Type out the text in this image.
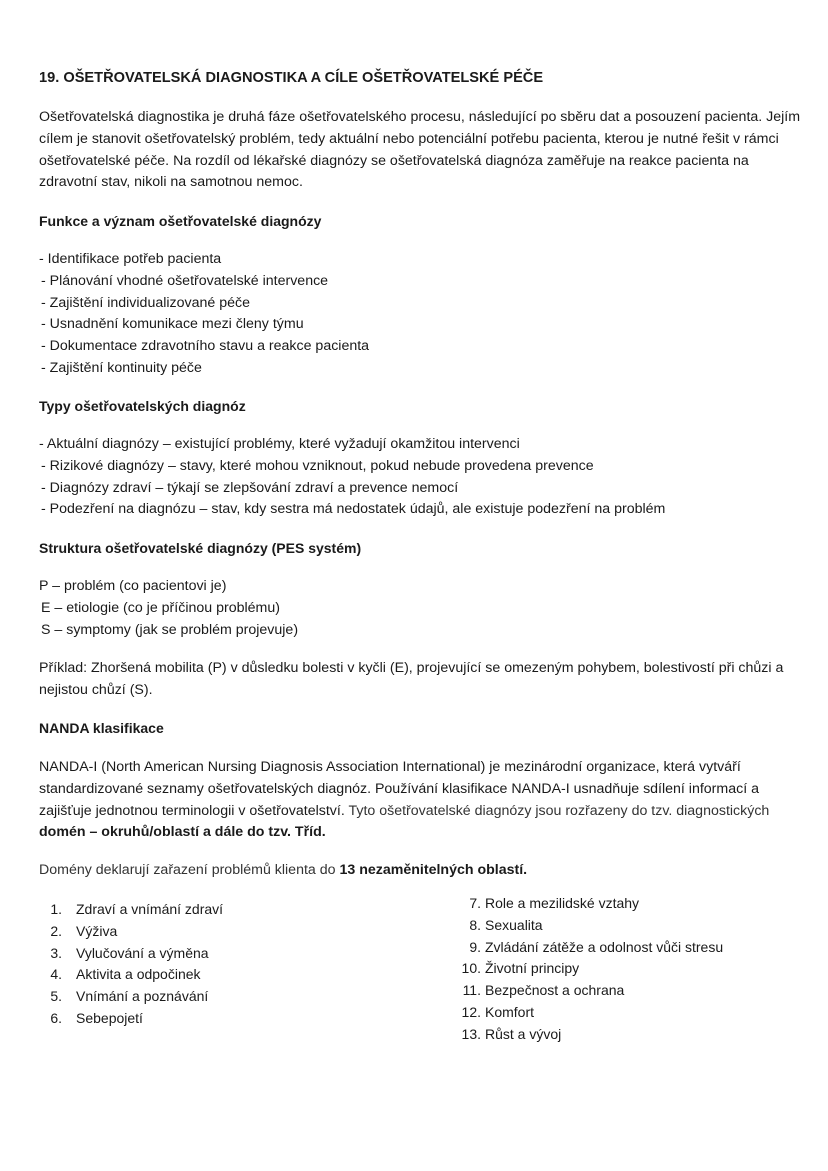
19. OŠETŘOVATELSKÁ DIAGNOSTIKA A CÍLE OŠETŘOVATELSKÉ PÉČE
Ošetřovatelská diagnostika je druhá fáze ošetřovatelského procesu, následující po sběru dat a posouzení pacienta. Jejím
cílem je stanovit ošetřovatelský problém, tedy aktuální nebo potenciální potřebu pacienta, kterou je nutné řešit v rámci
ošetřovatelské péče. Na rozdíl od lékařské diagnózy se ošetřovatelská diagnóza zaměřuje na reakce pacienta na
zdravotní stav, nikoli na samotnou nemoc.
Funkce a význam ošetřovatelské diagnózy
- Identifikace potřeb pacienta
- Plánování vhodné ošetřovatelské intervence
- Zajištění individualizované péče
- Usnadnění komunikace mezi členy týmu
- Dokumentace zdravotního stavu a reakce pacienta
- Zajištění kontinuity péče
Typy ošetřovatelských diagnóz
- Aktuální diagnózy – existující problémy, které vyžadují okamžitou intervenci
- Rizikové diagnózy – stavy, které mohou vzniknout, pokud nebude provedena prevence
- Diagnózy zdraví – týkají se zlepšování zdraví a prevence nemocí
- Podezření na diagnózu – stav, kdy sestra má nedostatek údajů, ale existuje podezření na problém
Struktura ošetřovatelské diagnózy (PES systém)
P – problém (co pacientovi je)
E – etiologie (co je příčinou problému)
S – symptomy (jak se problém projevuje)
Příklad: Zhoršená mobilita (P) v důsledku bolesti v kyčli (E), projevující se omezeným pohybem, bolestivostí při chůzi a
nejistou chůzí (S).
NANDA klasifikace
NANDA-I (North American Nursing Diagnosis Association International) je mezinárodní organizace, která vytváří
standardizované seznamy ošetřovatelských diagnóz. Používání klasifikace NANDA-I usnadňuje sdílení informací a
zajišťuje jednotnou terminologii v ošetřovatelství. Tyto ošetřovatelské diagnózy jsou rozřazeny do tzv. diagnostických
domén – okruhů/oblastí a dále do tzv. Tříd.
Domény deklarují zařazení problémů klienta do 13 nezaměnitelných oblastí.
1. Zdraví a vnímání zdraví
2. Výživa
3. Vylučování a výměna
4. Aktivita a odpočinek
5. Vnímání a poznávání
6. Sebepojetí
7. Role a mezilidské vztahy
8. Sexualita
9. Zvládání zátěže a odolnost vůči stresu
10. Životní principy
11. Bezpečnost a ochrana
12. Komfort
13. Růst a vývoj
